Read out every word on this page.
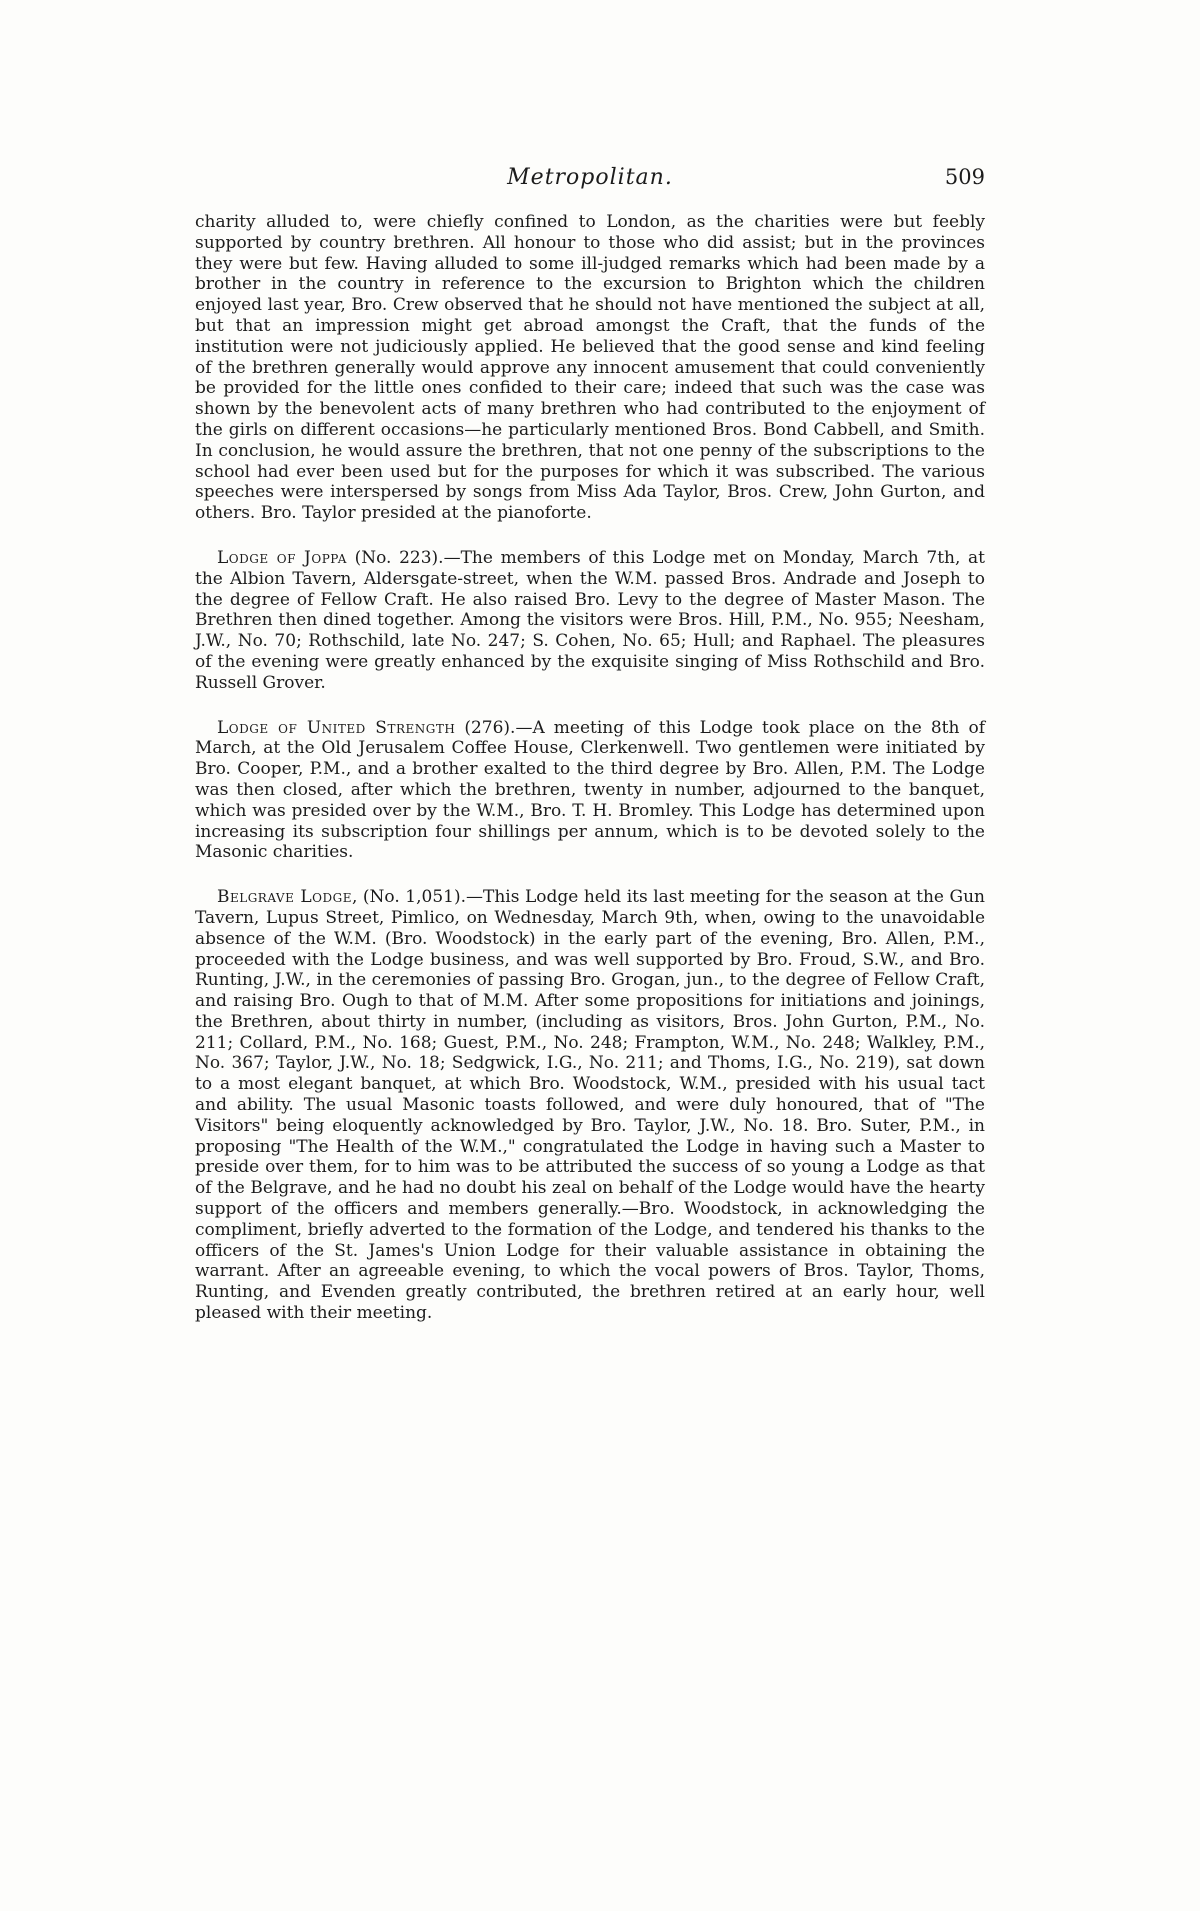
Metropolitan.	509

charity alluded to, were chiefly confined to London, as the charities were but feebly supported by country brethren. All honour to those who did assist; but in the provinces they were but few. Having alluded to some ill-judged remarks which had been made by a brother in the country in reference to the excursion to Brighton which the children enjoyed last year, Bro. Crew observed that he should not have mentioned the subject at all, but that an impression might get abroad amongst the Craft, that the funds of the institution were not judiciously applied. He believed that the good sense and kind feeling of the brethren generally would approve any innocent amusement that could conveniently be provided for the little ones confided to their care; indeed that such was the case was shown by the benevolent acts of many brethren who had contributed to the enjoyment of the girls on different occasions—he particularly mentioned Bros. Bond Cabbell, and Smith. In conclusion, he would assure the brethren, that not one penny of the subscriptions to the school had ever been used but for the purposes for which it was subscribed. The various speeches were interspersed by songs from Miss Ada Taylor, Bros. Crew, John Gurton, and others. Bro. Taylor presided at the pianoforte.

Lodge of Joppa (No. 223).—The members of this Lodge met on Monday, March 7th, at the Albion Tavern, Aldersgate-street, when the W.M. passed Bros. Andrade and Joseph to the degree of Fellow Craft. He also raised Bro. Levy to the degree of Master Mason. The Brethren then dined together. Among the visitors were Bros. Hill, P.M., No. 955; Neesham, J.W., No. 70; Rothschild, late No. 247; S. Cohen, No. 65; Hull; and Raphael. The pleasures of the evening were greatly enhanced by the exquisite singing of Miss Rothschild and Bro. Russell Grover.

Lodge of United Strength (276).—A meeting of this Lodge took place on the 8th of March, at the Old Jerusalem Coffee House, Clerkenwell. Two gentlemen were initiated by Bro. Cooper, P.M., and a brother exalted to the third degree by Bro. Allen, P.M. The Lodge was then closed, after which the brethren, twenty in number, adjourned to the banquet, which was presided over by the W.M., Bro. T. H. Bromley. This Lodge has determined upon increasing its subscription four shillings per annum, which is to be devoted solely to the Masonic charities.

Belgrave Lodge, (No. 1,051).—This Lodge held its last meeting for the season at the Gun Tavern, Lupus Street, Pimlico, on Wednesday, March 9th, when, owing to the unavoidable absence of the W.M. (Bro. Woodstock) in the early part of the evening, Bro. Allen, P.M., proceeded with the Lodge business, and was well supported by Bro. Froud, S.W., and Bro. Runting, J.W., in the ceremonies of passing Bro. Grogan, jun., to the degree of Fellow Craft, and raising Bro. Ough to that of M.M. After some propositions for initiations and joinings, the Brethren, about thirty in number, (including as visitors, Bros. John Gurton, P.M., No. 211; Collard, P.M., No. 168; Guest, P.M., No. 248; Frampton, W.M., No. 248; Walkley, P.M., No. 367; Taylor, J.W., No. 18; Sedgwick, I.G., No. 211; and Thoms, I.G., No. 219), sat down to a most elegant banquet, at which Bro. Woodstock, W.M., presided with his usual tact and ability. The usual Masonic toasts followed, and were duly honoured, that of "The Visitors" being eloquently acknowledged by Bro. Taylor, J.W., No. 18. Bro. Suter, P.M., in proposing "The Health of the W.M.," congratulated the Lodge in having such a Master to preside over them, for to him was to be attributed the success of so young a Lodge as that of the Belgrave, and he had no doubt his zeal on behalf of the Lodge would have the hearty support of the officers and members generally.—Bro. Woodstock, in acknowledging the compliment, briefly adverted to the formation of the Lodge, and tendered his thanks to the officers of the St. James's Union Lodge for their valuable assistance in obtaining the warrant. After an agreeable evening, to which the vocal powers of Bros. Taylor, Thoms, Runting, and Evenden greatly contributed, the brethren retired at an early hour, well pleased with their meeting.
